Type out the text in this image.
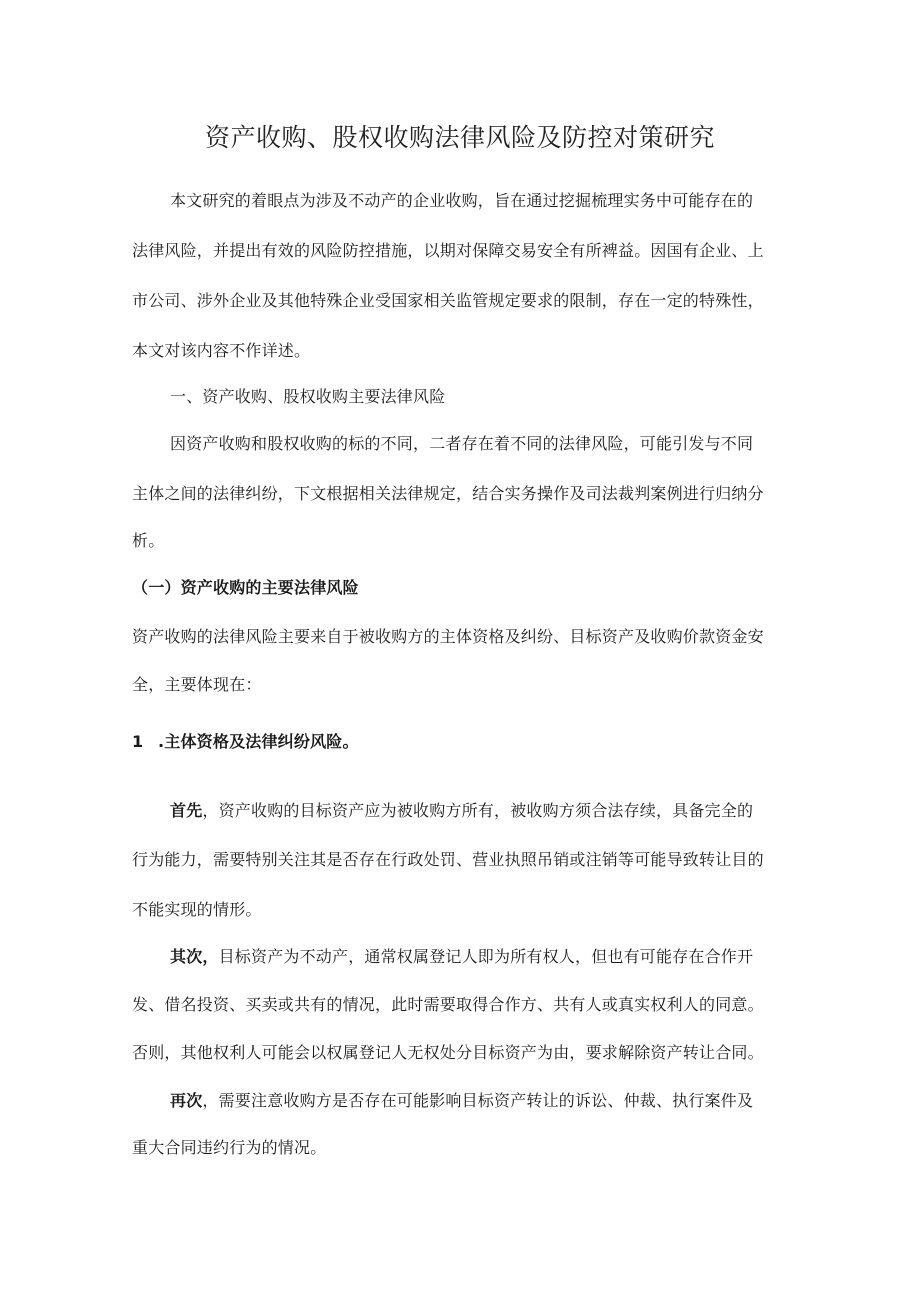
资产收购、股权收购法律风险及防控对策研究
本文研究的着眼点为涉及不动产的企业收购，旨在通过挖掘梳理实务中可能存在的
法律风险，并提出有效的风险防控措施，以期对保障交易安全有所裨益。因国有企业、上
市公司、涉外企业及其他特殊企业受国家相关监管规定要求的限制，存在一定的特殊性，
本文对该内容不作详述。
一、资产收购、股权收购主要法律风险
因资产收购和股权收购的标的不同，二者存在着不同的法律风险，可能引发与不同
主体之间的法律纠纷，下文根据相关法律规定，结合实务操作及司法裁判案例进行归纳分
析。
（一）资产收购的主要法律风险
资产收购的法律风险主要来自于被收购方的主体资格及纠纷、目标资产及收购价款资金安
全，主要体现在：
1 .主体资格及法律纠纷风险。
首先，资产收购的目标资产应为被收购方所有，被收购方须合法存续，具备完全的
行为能力，需要特别关注其是否存在行政处罚、营业执照吊销或注销等可能导致转让目的
不能实现的情形。
其次，目标资产为不动产，通常权属登记人即为所有权人，但也有可能存在合作开
发、借名投资、买卖或共有的情况，此时需要取得合作方、共有人或真实权利人的同意。
否则，其他权利人可能会以权属登记人无权处分目标资产为由，要求解除资产转让合同。
再次，需要注意收购方是否存在可能影响目标资产转让的诉讼、仲裁、执行案件及
重大合同违约行为的情况。
